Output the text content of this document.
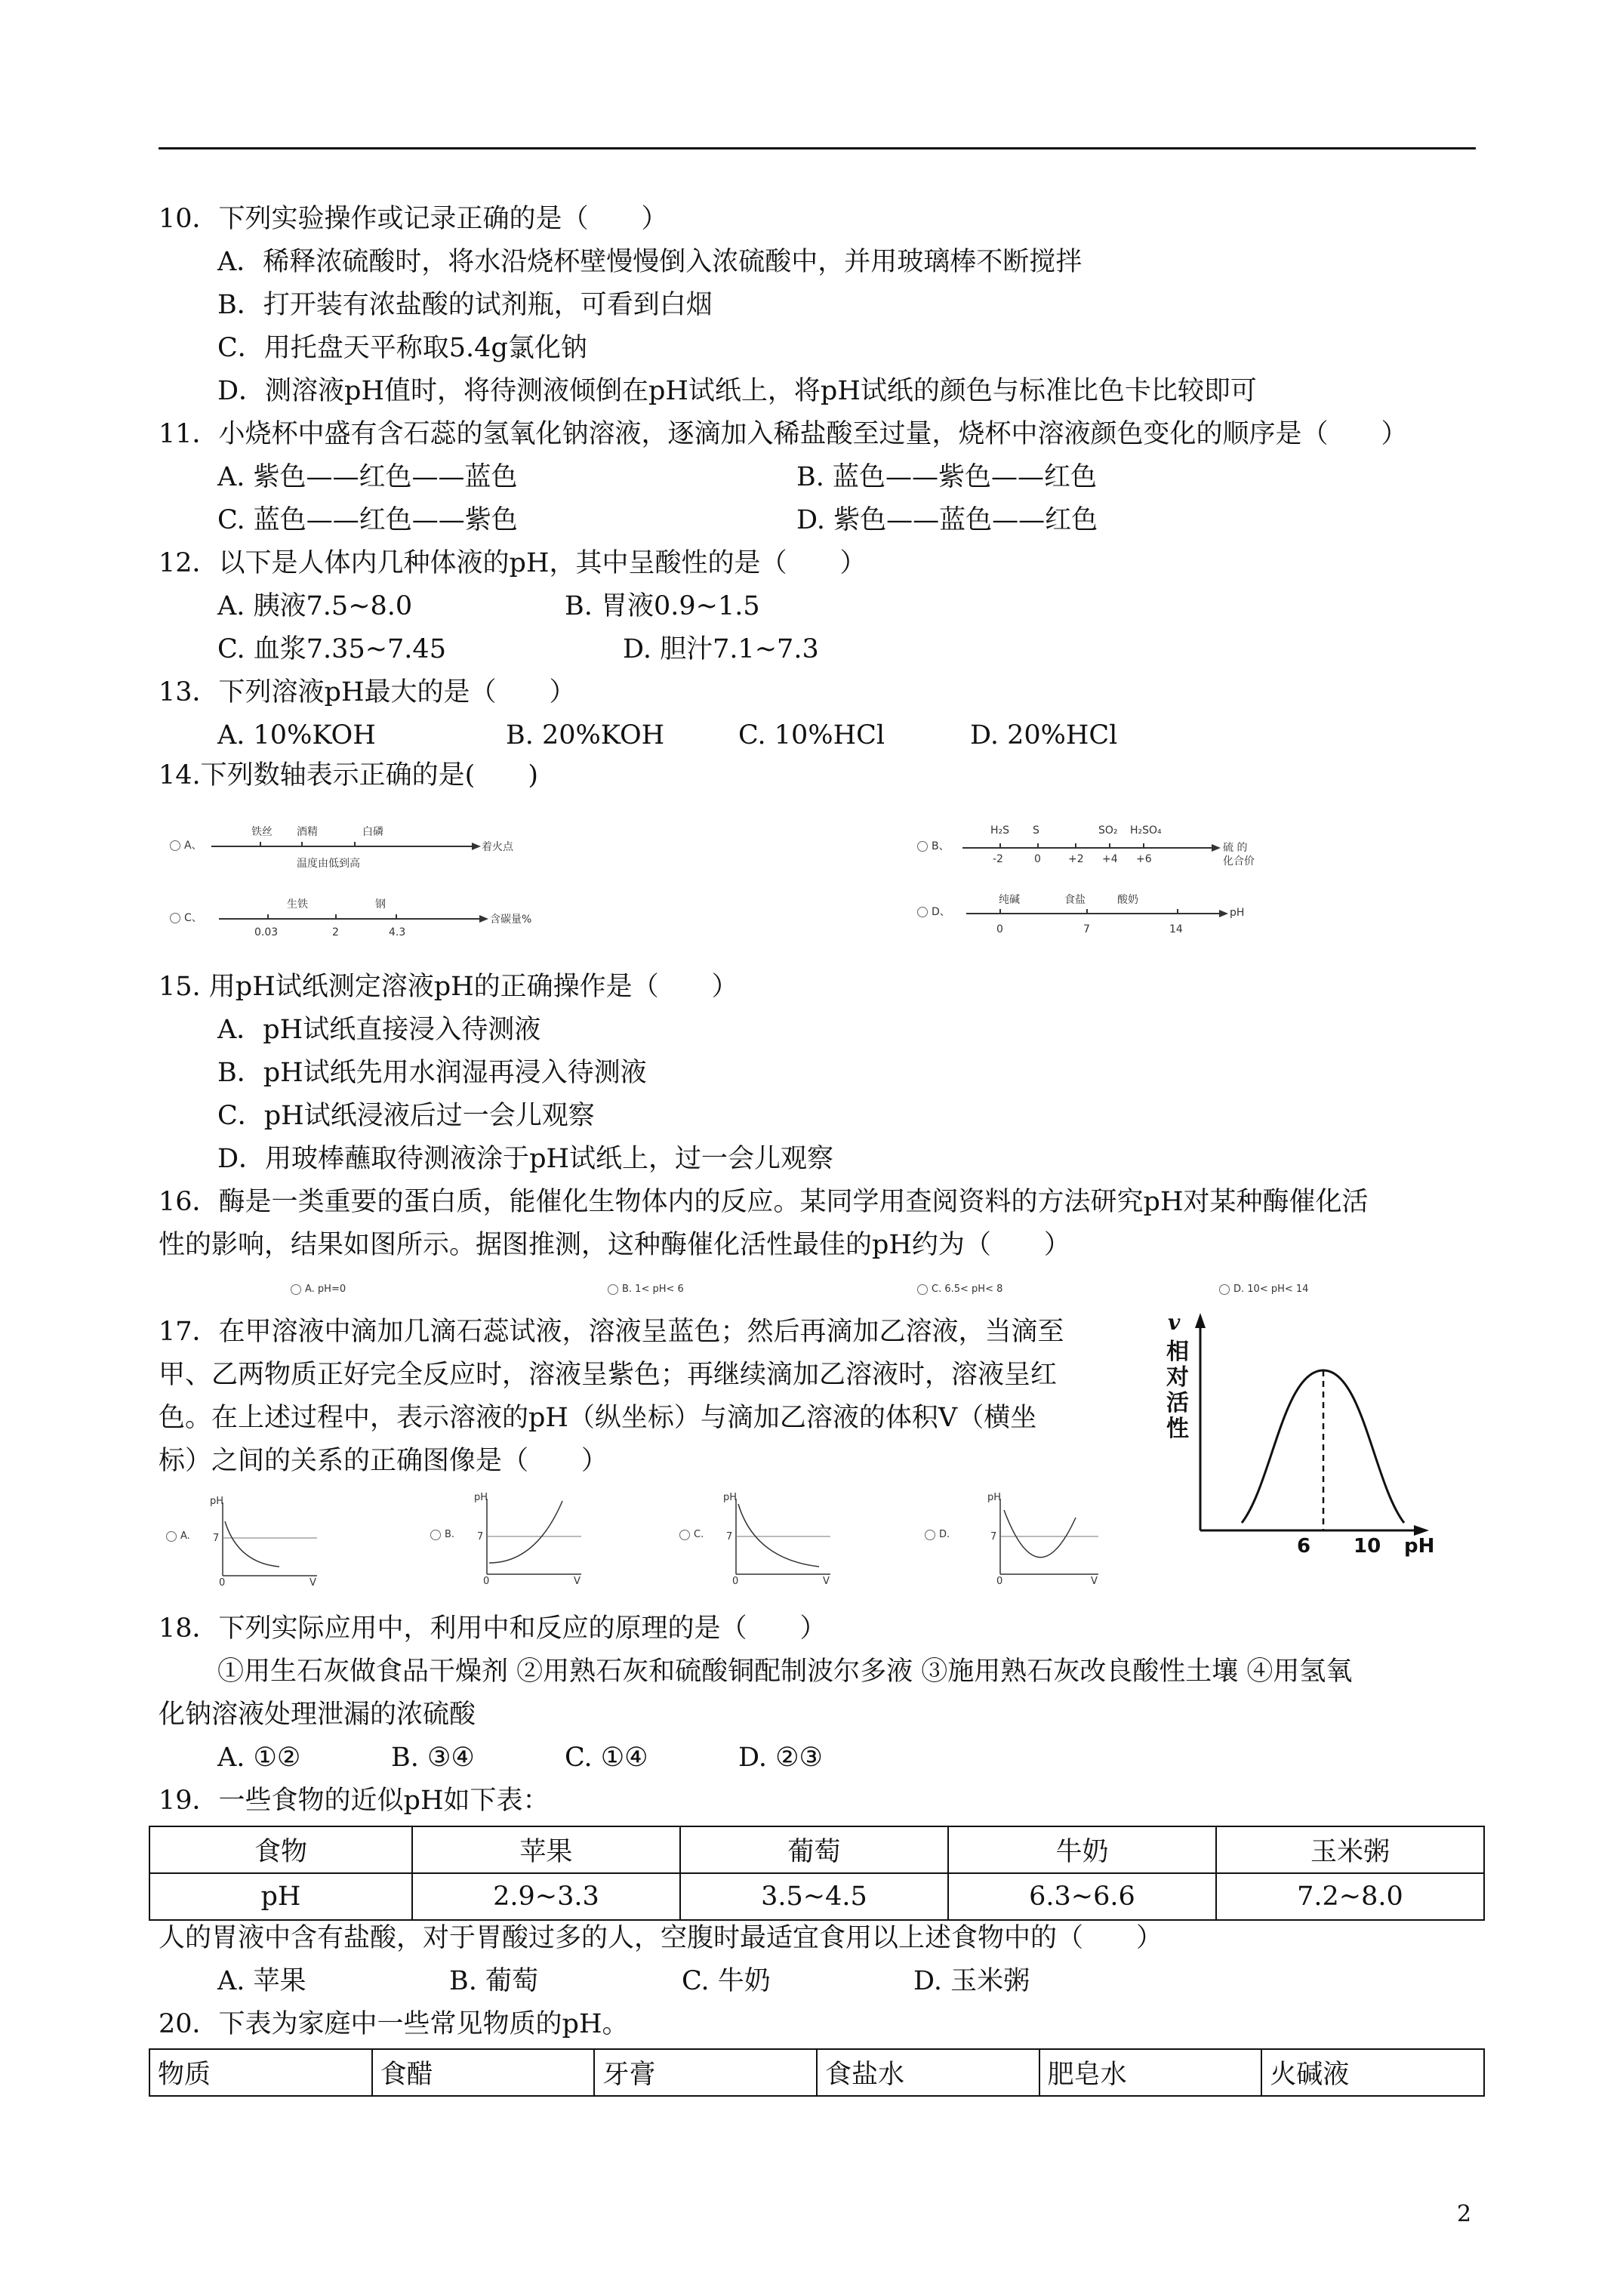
10．下列实验操作或记录正确的是（　　）
A．稀释浓硫酸时，将水沿烧杯壁慢慢倒入浓硫酸中，并用玻璃棒不断搅拌
B．打开装有浓盐酸的试剂瓶，可看到白烟
C．用托盘天平称取5.4g氯化钠
D．测溶液pH值时，将待测液倾倒在pH试纸上，将pH试纸的颜色与标准比色卡比较即可
11．小烧杯中盛有含石蕊的氢氧化钠溶液，逐滴加入稀盐酸至过量，烧杯中溶液颜色变化的顺序是（　　）
A. 紫色——红色——蓝色	B. 蓝色——紫色——红色
C. 蓝色——红色——紫色	D. 紫色——蓝色——红色
12．以下是人体内几种体液的pH，其中呈酸性的是（　　）
A. 胰液7.5~8.0	B. 胃液0.9~1.5
C. 血浆7.35~7.45	D. 胆汁7.1~7.3
13．下列溶液pH最大的是（　　）
A. 10%KOH	B. 20%KOH	C. 10%HCl	D. 20%HCl
14.下列数轴表示正确的是(　　)
A、
铁丝 酒精	白磷
着火点
温度由低到高
B、
H₂S S	SO₂ H₂SO₄
-2	0	+2 +4 +6
硫 的
化合价
C、
生铁	钢
0.03	2	4.3
含碳量%
D、
纯碱	食盐	酸奶
0	7	14
pH
15. 用pH试纸测定溶液pH的正确操作是（　　）
A．pH试纸直接浸入待测液
B．pH试纸先用水润湿再浸入待测液
C．pH试纸浸液后过一会儿观察
D．用玻棒蘸取待测液涂于pH试纸上，过一会儿观察
16．酶是一类重要的蛋白质，能催化生物体内的反应。某同学用查阅资料的方法研究pH对某种酶催化活
性的影响，结果如图所示。据图推测，这种酶催化活性最佳的pH约为（　　）
A. pH=0	B. 1< pH< 6	C. 6.5< pH< 8	D. 10< pH< 14
17．在甲溶液中滴加几滴石蕊试液，溶液呈蓝色；然后再滴加乙溶液，当滴至
甲、乙两物质正好完全反应时，溶液呈紫色；再继续滴加乙溶液时，溶液呈红
色。在上述过程中，表示溶液的pH（纵坐标）与滴加乙溶液的体积V（横坐
标）之间的关系的正确图像是（　　）
A.
pH
7
0	V
B.
pH
7
0	V
C.
pH
7
0	V
D.
pH
7
0	V
v
相
对
活
性
6 10 pH
18．下列实际应用中，利用中和反应的原理的是（　　）
①用生石灰做食品干燥剂 ②用熟石灰和硫酸铜配制波尔多液 ③施用熟石灰改良酸性土壤 ④用氢氧
化钠溶液处理泄漏的浓硫酸
A. ①②	B. ③④	C. ①④	D. ②③
19．一些食物的近似pH如下表：
食物	苹果	葡萄	牛奶	玉米粥
pH	2.9~3.3	3.5~4.5	6.3~6.6	7.2~8.0
人的胃液中含有盐酸，对于胃酸过多的人，空腹时最适宜食用以上述食物中的（　　）
A. 苹果	B. 葡萄	C. 牛奶	D. 玉米粥
20．下表为家庭中一些常见物质的pH。
物质	食醋	牙膏	食盐水	肥皂水	火碱液
2
